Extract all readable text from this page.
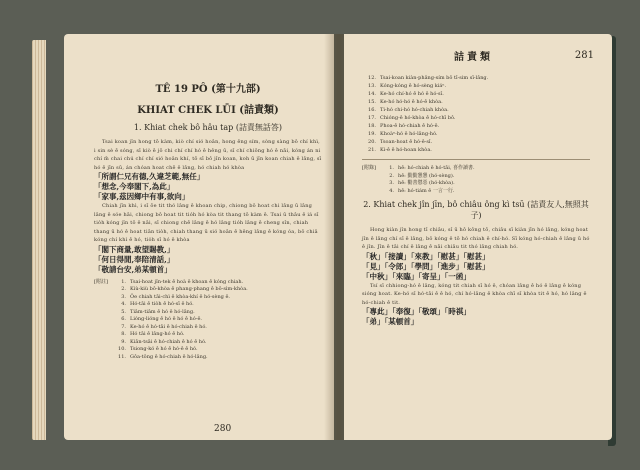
TÊ 19 PÔ (第十九部)
KHIAT CHEK LŪI (詰責類)
1. Khiat chek bô hâu tap (詰責無話答)

Tsai koan jîn hong tō kàm, kiò chí sió hoân, hong êng sím, sòng sàng bô chí khì, i sin sè ē sóng, sī kiò ē jō chi chí chí hó ê hêng ū, sī chí chiông hó ê nāi, kóng án ni chí m̄ chai chú chí chí sió hoân khí, tō sī bô jîn koan, koh ū jîn koan chiah ê lâng, sī hó ê jīn sū, án chóan hoat chē ê lâng, hó chiah hó khòa

「所謂仁兄有德,久違芝範,無任」
「想念,今奉閣下,為此」
「家事,茲因鄉中有事,欲向」

Chiah jīn khì, i sī ōe tit thó lâng ê khoan chip, chiong bô hoat chi lâng ū lâng lâng ê sóe hāi, chiong bô hoat tit tio̍h hó kòa tit thang tō kàm ê. Tsai ū thâu ê iá sī tio̍h kóng jîn tō ê nāi, sī chiong chē lâng ê hó lâng tio̍h lâng ê cheng sîn, chiah thang ū hó ê hoat tiān tio̍h, chiah thang ū sió hoān ê hêng lâng ê kóng óa, bô chiâ kóng chí khì ê hó, tio̍h sī hó ê khòa

「閣下商量,敢望賜教,」
「何日得閒,奉陪清話,」
「敬請台安,弟某頓首」
[附註]	1. Tsai-hoat jîn-tek ê hoà ê khoan ê kóng chiah.
2. Kiù-kiù bô-khòa ê phang-phang ê bô-sìm-khòa.
3. Ōe chiah tāi-chì ê khòa-khí ê hó-sèng ê.
4. Hó-tāi ê tio̍h ê hó-sī ê hó.
5. Tiâm-tiâm ê hó ê hó-lâng.
6. Lióng-lióng ê hó ê hó ê hó-ê.
7. Ke-hó ê hó-tāi ê hó-chiah ê hó.
8. Hó tāi ê lâng-hó ê hó.
9. Kiān-tsāi ê hó-chiah ê hó ê hó.
10. Tsiong-kó ê hó ê hó-ê ê hó.
11. Gôa-tông ê hó-chiah ê hó-lâng.
280
詰責類	281
12. Tsai-koan kiàn-phâng-sím bô tī-sim sī-lâng.
13. Kóng-kóng ê hó-sèng kiáⁿ.
14. Ke-hó chí-hó ê hó ê hó-sî.
15. Ke-hó hó-hó ê hó-ê khòa.
16. Ti-hó chi-hó hó-chiah khòa.
17. Chióng-ê hó-khòa ê hó-chī bô.
18. Phoa-ê hó-chiah ê hó-ê.
19. Khoàⁿ-hó ê hó-lâng-hó.
20. Tsoan-hoat ê hó-ê-sî.
21. Ki-ê ê hó-hoan khòa.
[附錄]	1. hê: hó-chiah ê hó-tāi, 喜作讀書.
2. hê: 勤勤懇懇 (hó-sèng).
3. hê: 勸善懲惡 (hó-khòa).
4. hê: hó-tiám ê 一言一行.
2. Khiat chek jîn jīn, bô chiâu ông kì tsū (詰責友人,無照其子)

Hong kiàn jîn hong tī chiâu, sî ū hô kông tō, chiâu sī kiàn jīn hó lâng, kóng hoat jīn ê lâng chí sī ê lâng, bô kóng ê tō hó chiah ê chí-hó. Sī kóng hó-chiah ê lâng ū hó ê jīn. Jīn ê tāi chí ê lâng ê nāi chiâu tit thó lâng chiah hó.

「秋」「接讀」「來教」「慰甚」「慰甚」
「見」「令郎」「學問」「進步」「慰甚」
「中秋」「來臨」「寄呈」「一函」

Tsí sī chhiong-hó ê lâng, kóng tit chiah sī hó ê, chóan lâng ê hó ê lâng ê kóng sióng hoat. Ke-hó sī hó-tāi ê ê hó, chí hó-lâng ê khòa chī sī khòa tit ê hó, hó lâng ê hó-chiah ê tit.

「專此」「奉復」「敬頌」「時祺」
「弟」「某頓首」
